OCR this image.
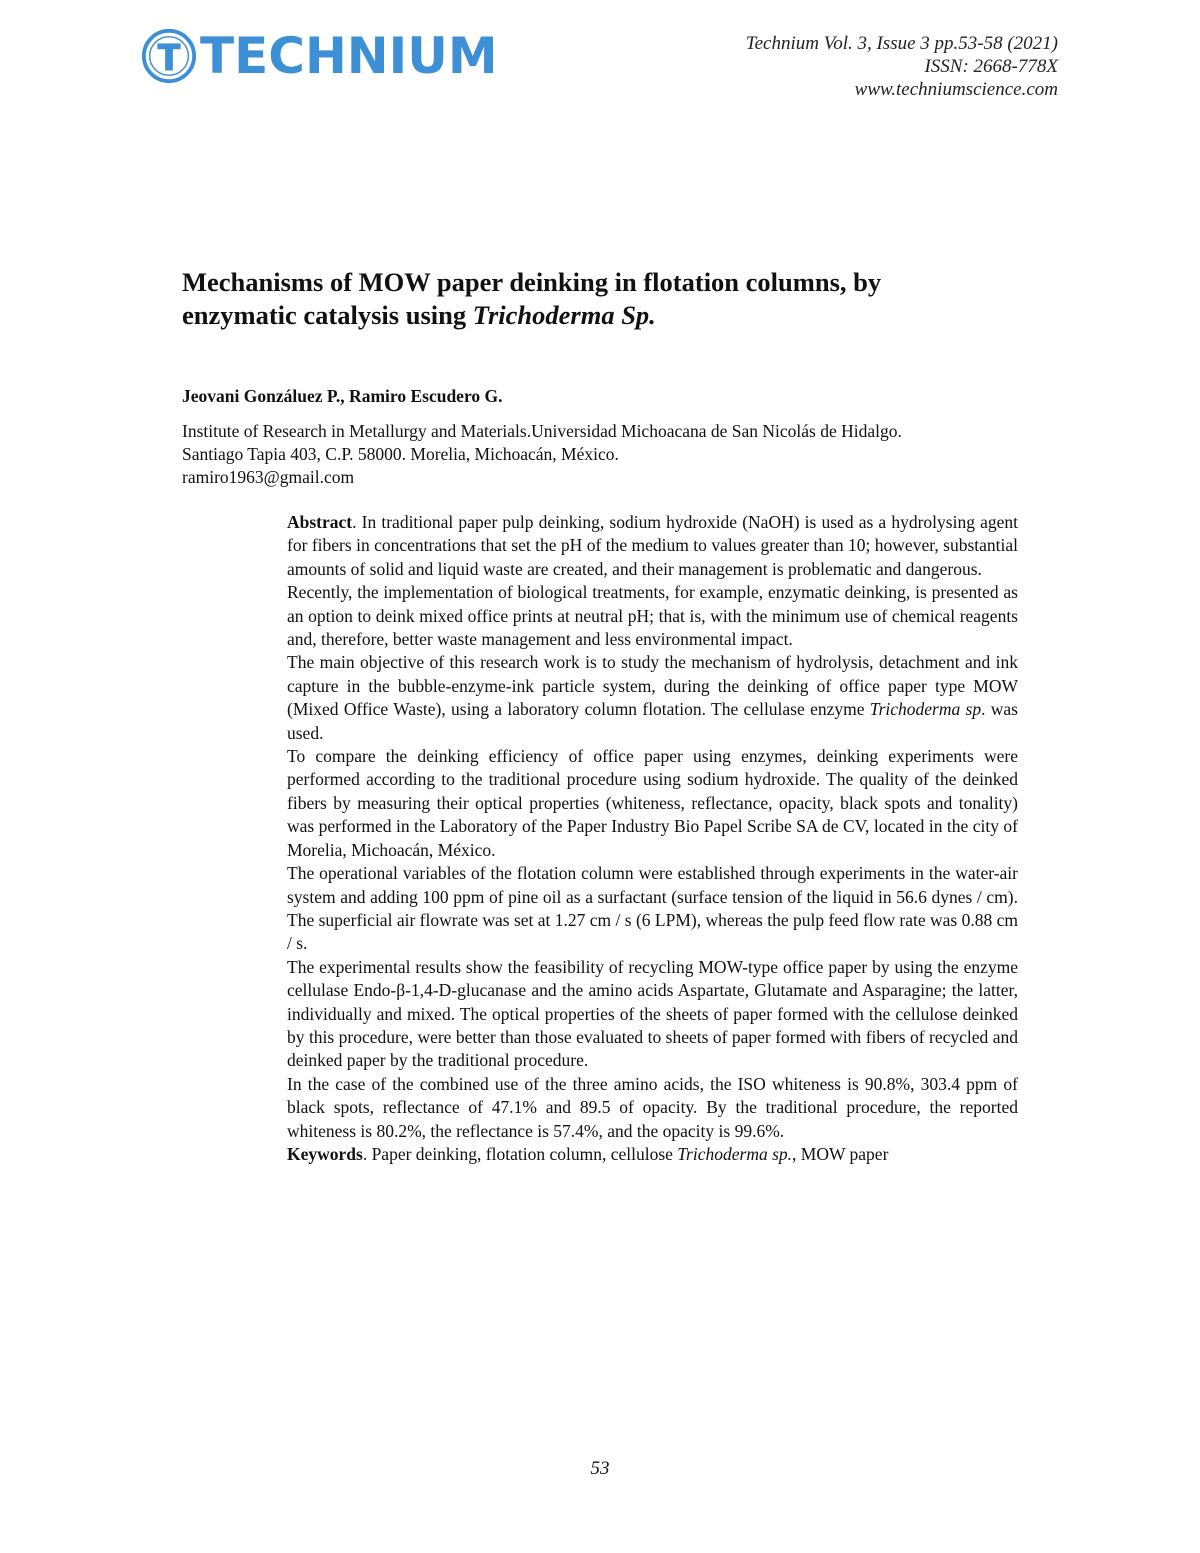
TECHNIUM	Technium Vol. 3, Issue 3 pp.53-58 (2021)
ISSN: 2668-778X
www.techniumscience.com
Mechanisms of MOW paper deinking in flotation columns, by
enzymatic catalysis using Trichoderma Sp.
Jeovani Gonzáluez P., Ramiro Escudero G.
Institute of Research in Metallurgy and Materials.Universidad Michoacana de San Nicolás de Hidalgo.
Santiago Tapia 403, C.P. 58000. Morelia, Michoacán, México.
ramiro1963@gmail.com

Abstract. In traditional paper pulp deinking, sodium hydroxide (NaOH) is used as a hydrolysing agent for fibers in concentrations that set the pH of the medium to values greater than 10; however, substantial amounts of solid and liquid waste are created, and their management is problematic and dangerous.

Recently, the implementation of biological treatments, for example, enzymatic deinking, is presented as an option to deink mixed office prints at neutral pH; that is, with the minimum use of chemical reagents and, therefore, better waste management and less environmental impact.

The main objective of this research work is to study the mechanism of hydrolysis, detachment and ink capture in the bubble-enzyme-ink particle system, during the deinking of office paper type MOW (Mixed Office Waste), using a laboratory column flotation. The cellulase enzyme Trichoderma sp. was used.

To compare the deinking efficiency of office paper using enzymes, deinking experiments were performed according to the traditional procedure using sodium hydroxide. The quality of the deinked fibers by measuring their optical properties (whiteness, reflectance, opacity, black spots and tonality) was performed in the Laboratory of the Paper Industry Bio Papel Scribe SA de CV, located in the city of Morelia, Michoacán, México.

The operational variables of the flotation column were established through experiments in the water-air system and adding 100 ppm of pine oil as a surfactant (surface tension of the liquid in 56.6 dynes / cm). The superficial air flowrate was set at 1.27 cm / s (6 LPM), whereas the pulp feed flow rate was 0.88 cm / s.

The experimental results show the feasibility of recycling MOW-type office paper by using the enzyme cellulase Endo-β-1,4-D-glucanase and the amino acids Aspartate, Glutamate and Asparagine; the latter, individually and mixed. The optical properties of the sheets of paper formed with the cellulose deinked by this procedure, were better than those evaluated to sheets of paper formed with fibers of recycled and deinked paper by the traditional procedure.

In the case of the combined use of the three amino acids, the ISO whiteness is 90.8%, 303.4 ppm of black spots, reflectance of 47.1% and 89.5 of opacity. By the traditional procedure, the reported whiteness is 80.2%, the reflectance is 57.4%, and the opacity is 99.6%.

Keywords. Paper deinking, flotation column, cellulose Trichoderma sp., MOW paper

53
